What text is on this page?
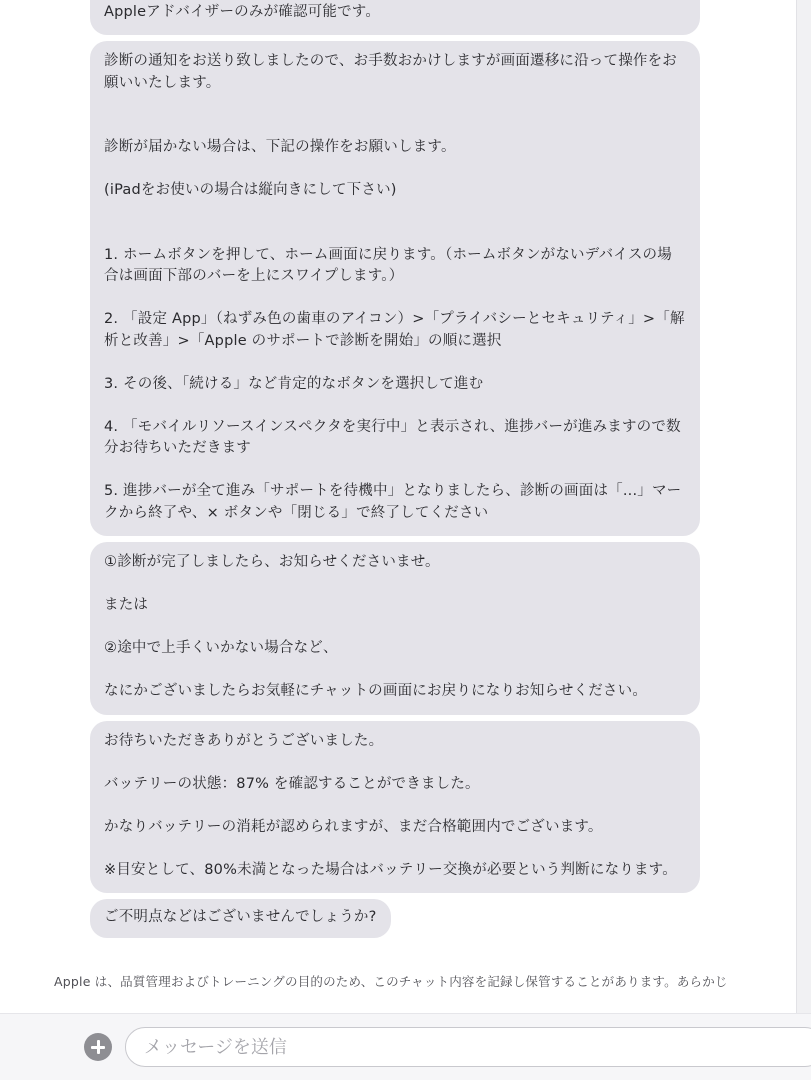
Appleアドバイザーのみが確認可能です。

診断の通知をお送り致しましたので、お手数おかけしますが画面遷移に沿って操作をお願いいたします。

診断が届かない場合は、下記の操作をお願いします。

(iPadをお使いの場合は縦向きにして下さい)

1. ホームボタンを押して、ホーム画面に戻ります。（ホームボタンがないデバイスの場合は画面下部のバーを上にスワイプします。）

2. 「設定 App」（ねずみ色の歯車のアイコン）>「プライバシーとセキュリティ」>「解析と改善」>「Apple のサポートで診断を開始」の順に選択

3. その後、「続ける」など肯定的なボタンを選択して進む

4. 「モバイルリソースインスペクタを実行中」と表示され、進捗バーが進みますので数分お待ちいただきます

5. 進捗バーが全て進み「サポートを待機中」となりましたら、診断の画面は「...」マークから終了や、× ボタンや「閉じる」で終了してください

①診断が完了しましたら、お知らせくださいませ。

または

②途中で上手くいかない場合など、

なにかございましたらお気軽にチャットの画面にお戻りになりお知らせください。

お待ちいただきありがとうございました。

バッテリーの状態：87% を確認することができました。

かなりバッテリーの消耗が認められますが、まだ合格範囲内でございます。

※目安として、80%未満となった場合はバッテリー交換が必要という判断になります。

ご不明点などはございませんでしょうか?

Apple は、品質管理およびトレーニングの目的のため、このチャット内容を記録し保管することがあります。あらかじ
メッセージを送信
